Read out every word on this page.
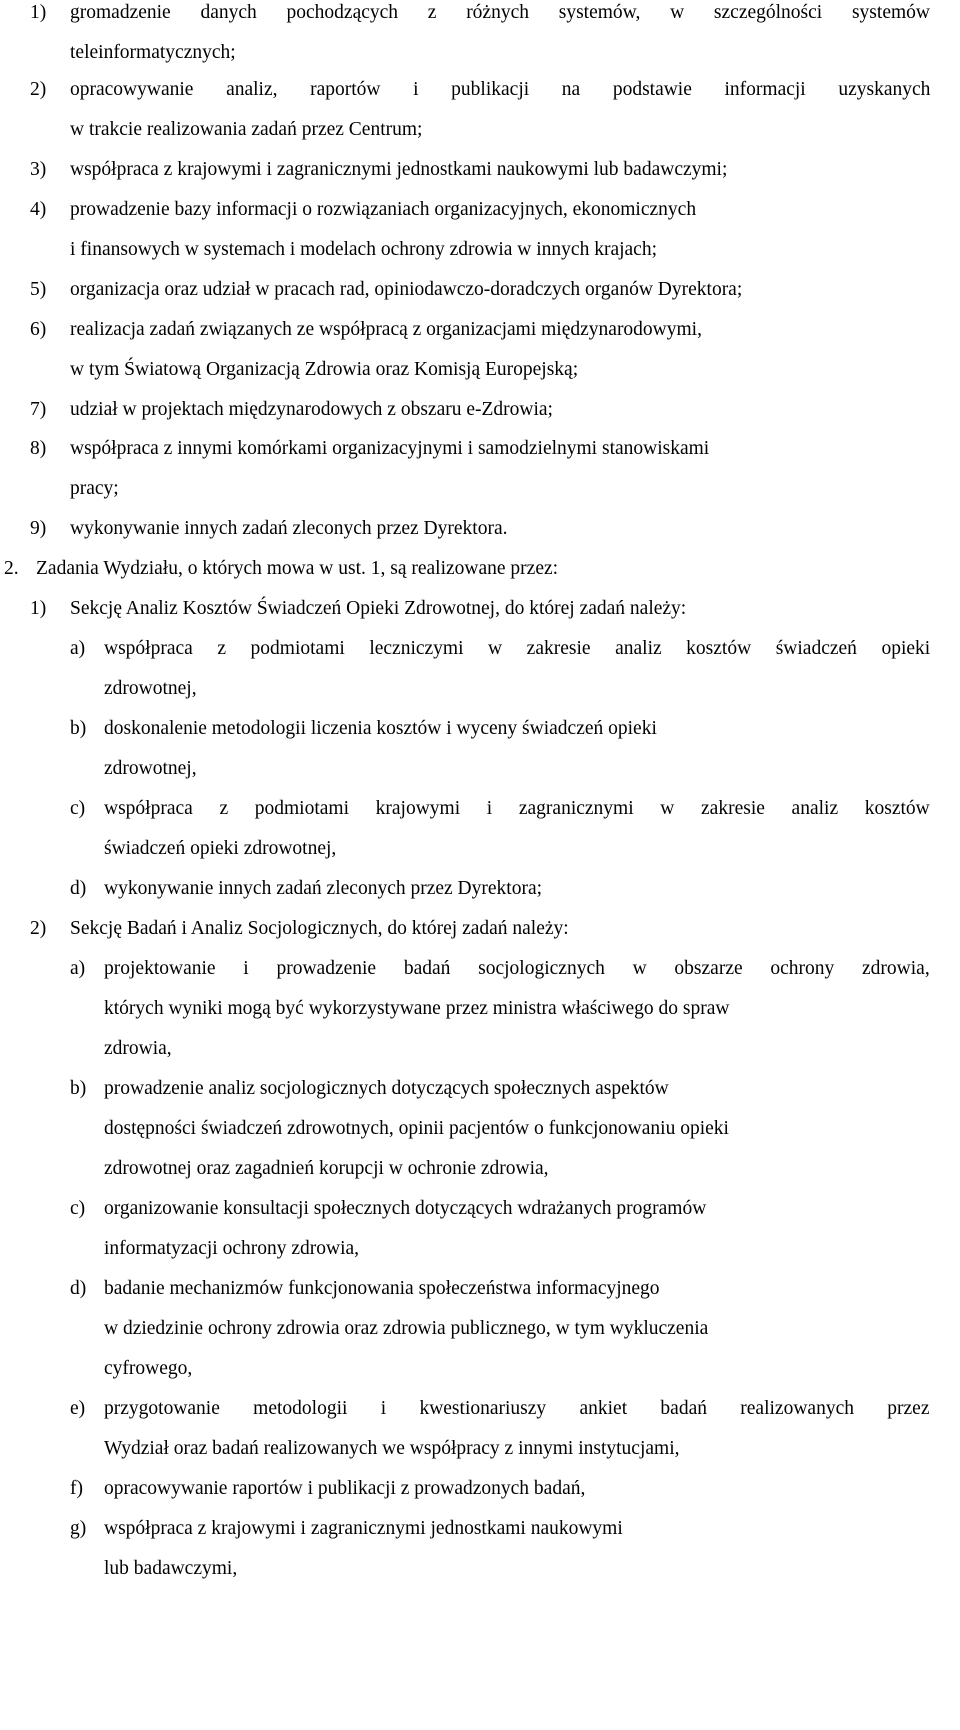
1) gromadzenie danych pochodzących z różnych systemów, w szczególności systemów
teleinformatycznych;
2) opracowywanie analiz, raportów i publikacji na podstawie informacji uzyskanych
w trakcie realizowania zadań przez Centrum;
3) współpraca z krajowymi i zagranicznymi jednostkami naukowymi lub badawczymi;
4) prowadzenie bazy informacji o rozwiązaniach organizacyjnych, ekonomicznych
i finansowych w systemach i modelach ochrony zdrowia w innych krajach;
5) organizacja oraz udział w pracach rad, opiniodawczo-doradczych organów Dyrektora;
6) realizacja zadań związanych ze współpracą z organizacjami międzynarodowymi,
w tym Światową Organizacją Zdrowia oraz Komisją Europejską;
7) udział w projektach międzynarodowych z obszaru e-Zdrowia;
8) współpraca z innymi komórkami organizacyjnymi i samodzielnymi stanowiskami
pracy;
9) wykonywanie innych zadań zleconych przez Dyrektora.
2. Zadania Wydziału, o których mowa w ust. 1, są realizowane przez:
1) Sekcję Analiz Kosztów Świadczeń Opieki Zdrowotnej, do której zadań należy:
a) współpraca z podmiotami leczniczymi w zakresie analiz kosztów świadczeń opieki
zdrowotnej,
b) doskonalenie metodologii liczenia kosztów i wyceny świadczeń opieki
zdrowotnej,
c) współpraca z podmiotami krajowymi i zagranicznymi w zakresie analiz kosztów
świadczeń opieki zdrowotnej,
d) wykonywanie innych zadań zleconych przez Dyrektora;
2) Sekcję Badań i Analiz Socjologicznych, do której zadań należy:
a) projektowanie i prowadzenie badań socjologicznych w obszarze ochrony zdrowia,
których wyniki mogą być wykorzystywane przez ministra właściwego do spraw
zdrowia,
b) prowadzenie analiz socjologicznych dotyczących społecznych aspektów
dostępności świadczeń zdrowotnych, opinii pacjentów o funkcjonowaniu opieki
zdrowotnej oraz zagadnień korupcji w ochronie zdrowia,
c) organizowanie konsultacji społecznych dotyczących wdrażanych programów
informatyzacji ochrony zdrowia,
d) badanie mechanizmów funkcjonowania społeczeństwa informacyjnego
w dziedzinie ochrony zdrowia oraz zdrowia publicznego, w tym wykluczenia
cyfrowego,
e) przygotowanie metodologii i kwestionariuszy ankiet badań realizowanych przez
Wydział oraz badań realizowanych we współpracy z innymi instytucjami,
f) opracowywanie raportów i publikacji z prowadzonych badań,
g) współpraca z krajowymi i zagranicznymi jednostkami naukowymi
lub badawczymi,
